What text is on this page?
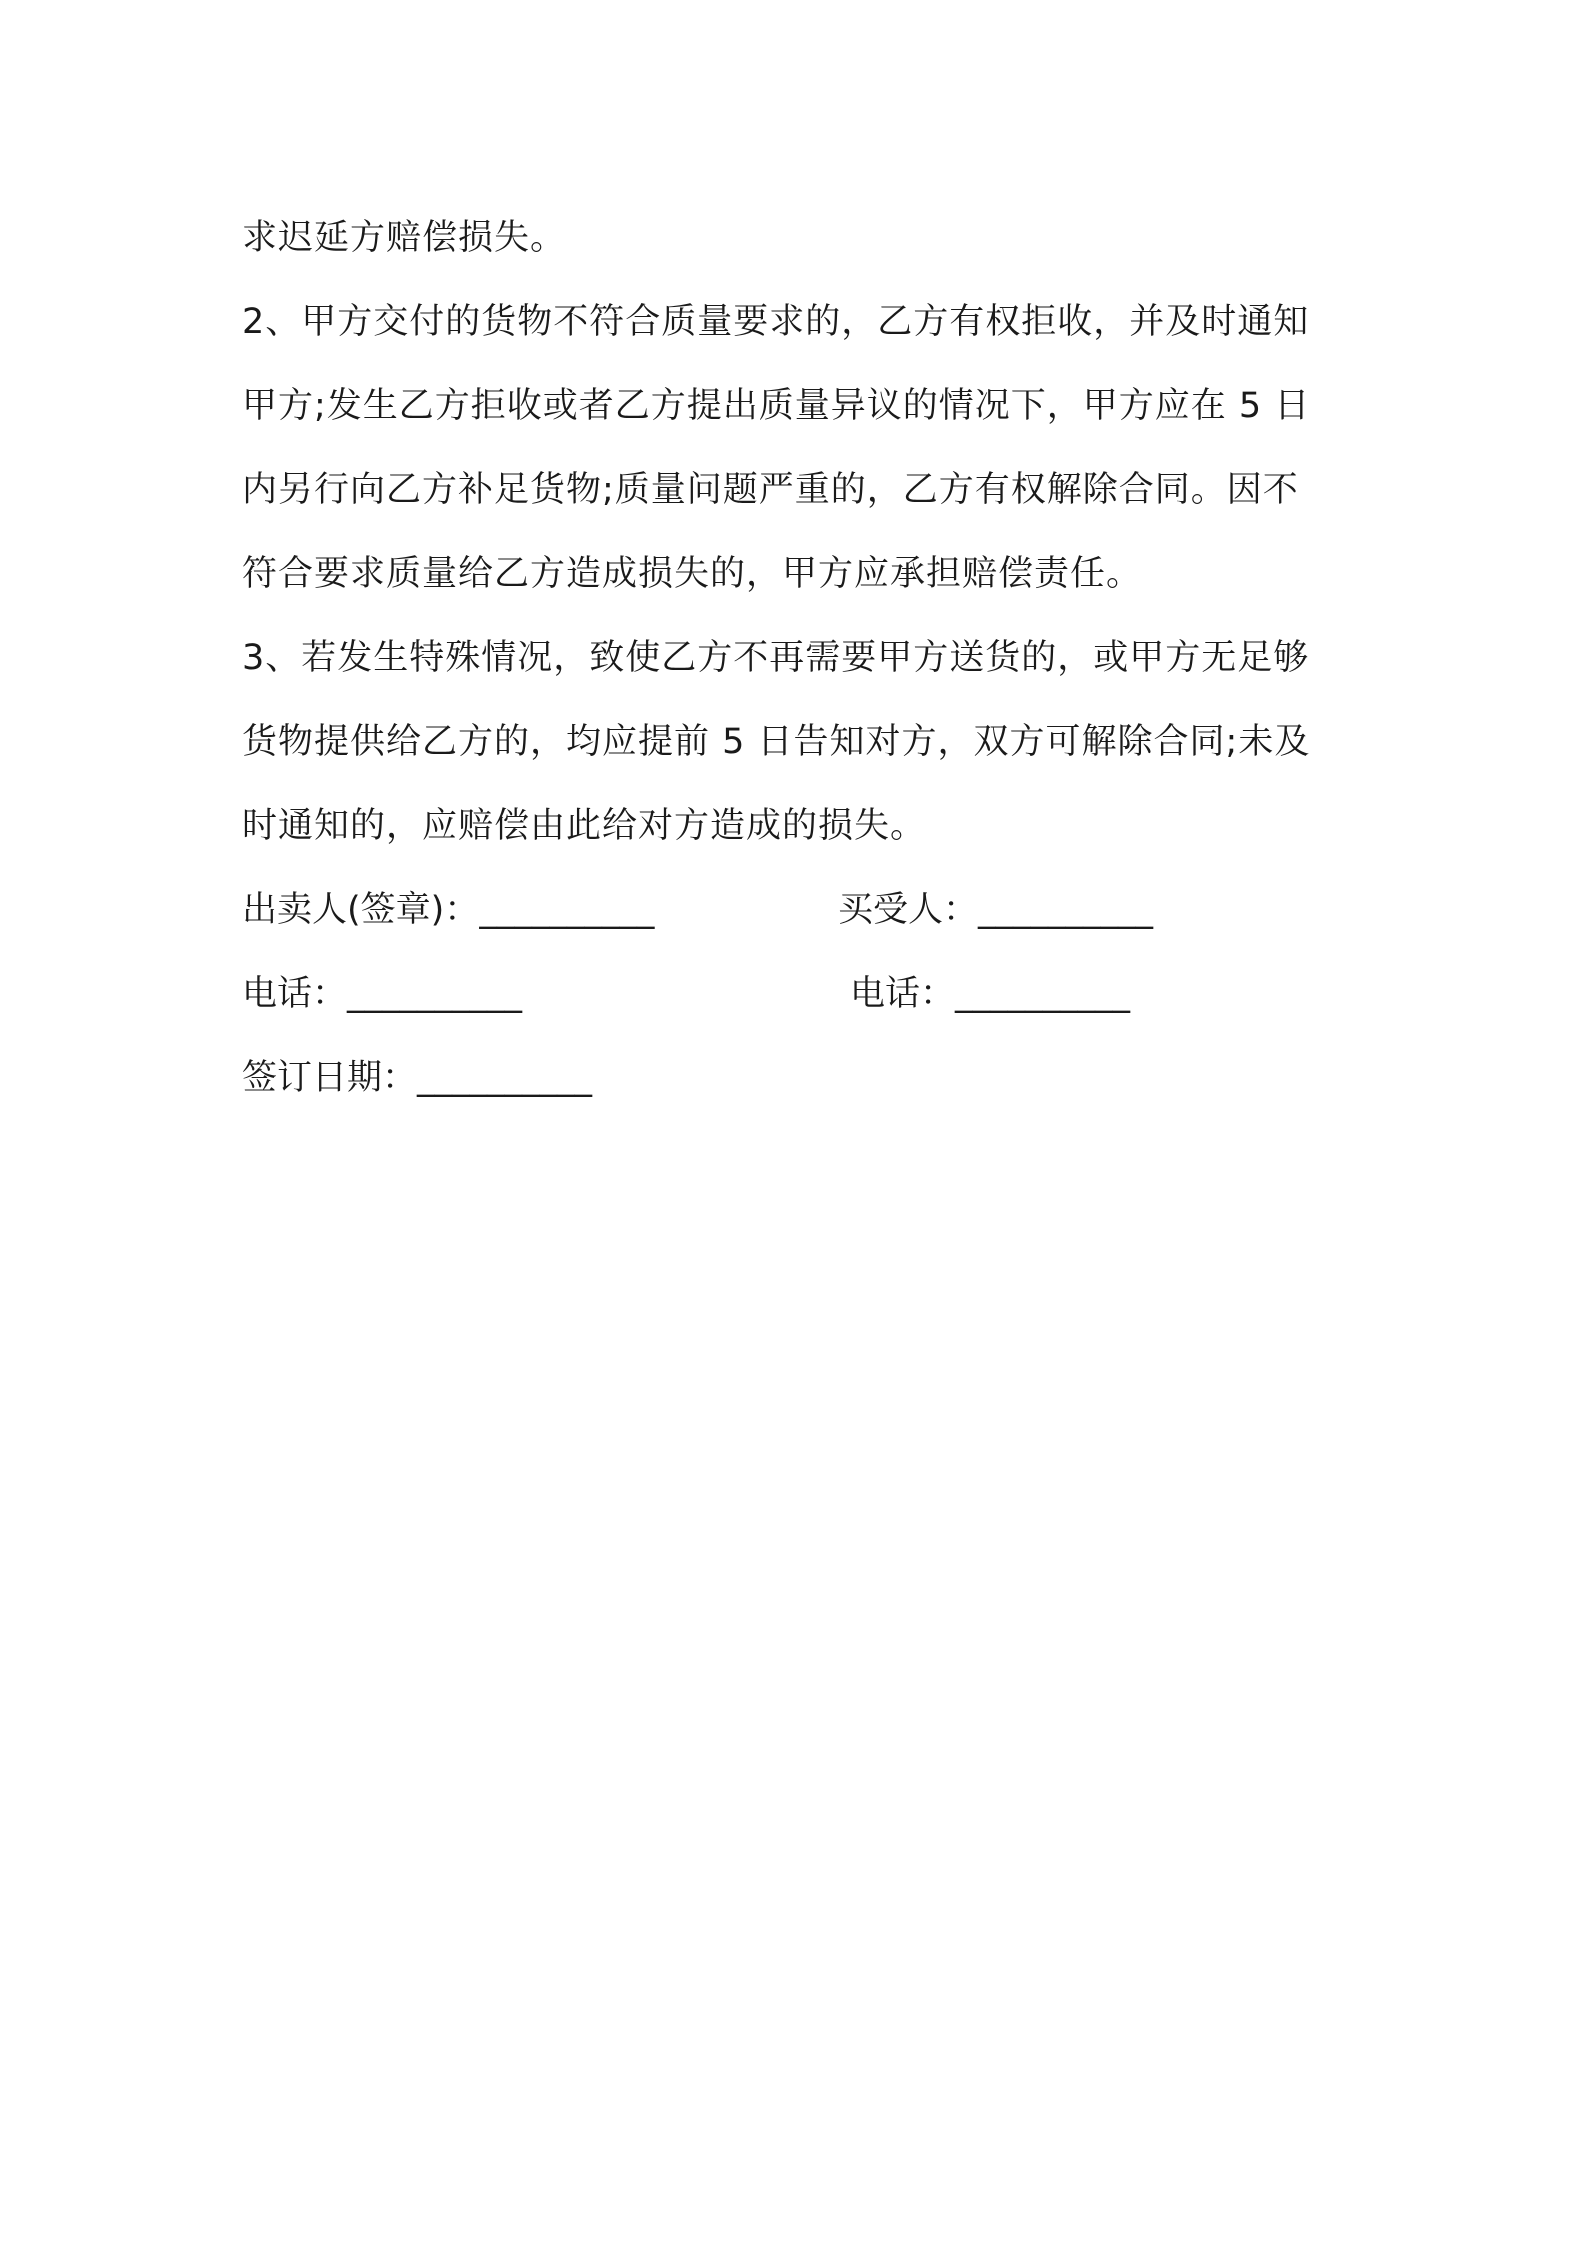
求迟延方赔偿损失。
2、甲方交付的货物不符合质量要求的，乙方有权拒收，并及时通知
甲方;发生乙方拒收或者乙方提出质量异议的情况下，甲方应在 5 日
内另行向乙方补足货物;质量问题严重的，乙方有权解除合同。因不
符合要求质量给乙方造成损失的，甲方应承担赔偿责任。
3、若发生特殊情况，致使乙方不再需要甲方送货的，或甲方无足够
货物提供给乙方的，均应提前 5 日告知对方，双方可解除合同;未及
时通知的，应赔偿由此给对方造成的损失。
出卖人(签章)：__________	买受人：__________
电话：__________	电话：__________
签订日期：__________
